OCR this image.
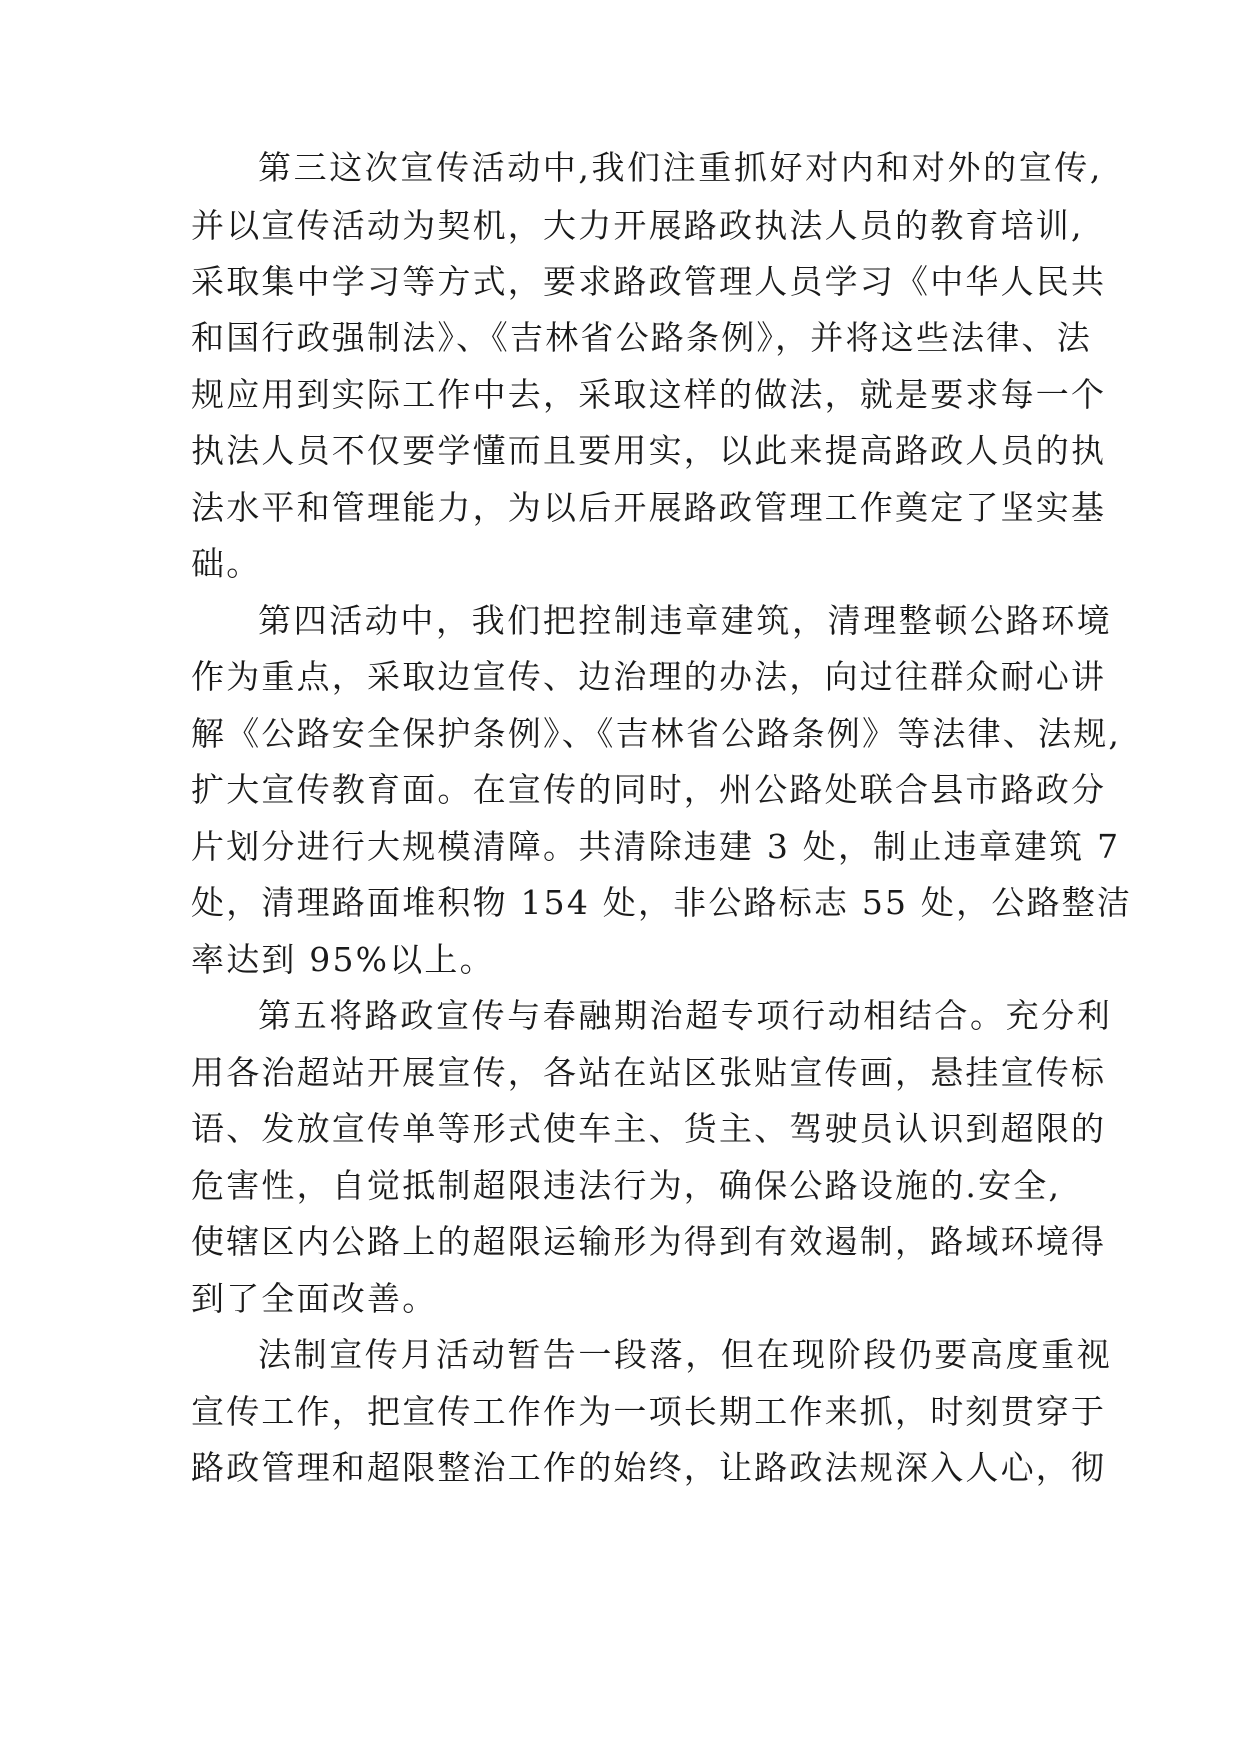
第三这次宣传活动中,我们注重抓好对内和对外的宣传,
并以宣传活动为契机，大力开展路政执法人员的教育培训,
采取集中学习等方式，要求路政管理人员学习《中华人民共
和国行政强制法》、《吉林省公路条例》，并将这些法律、法
规应用到实际工作中去，采取这样的做法，就是要求每一个
执法人员不仅要学懂而且要用实，以此来提高路政人员的执
法水平和管理能力，为以后开展路政管理工作奠定了坚实基
础。
第四活动中，我们把控制违章建筑，清理整顿公路环境
作为重点，采取边宣传、边治理的办法，向过往群众耐心讲
解《公路安全保护条例》、《吉林省公路条例》等法律、法规,
扩大宣传教育面。在宣传的同时，州公路处联合县市路政分
片划分进行大规模清障。共清除违建 3 处，制止违章建筑 7
处，清理路面堆积物 154 处，非公路标志 55 处，公路整洁
率达到 95%以上。
第五将路政宣传与春融期治超专项行动相结合。充分利
用各治超站开展宣传，各站在站区张贴宣传画，悬挂宣传标
语、发放宣传单等形式使车主、货主、驾驶员认识到超限的
危害性，自觉抵制超限违法行为，确保公路设施的.安全,
使辖区内公路上的超限运输形为得到有效遏制，路域环境得
到了全面改善。
法制宣传月活动暂告一段落，但在现阶段仍要高度重视
宣传工作，把宣传工作作为一项长期工作来抓，时刻贯穿于
路政管理和超限整治工作的始终，让路政法规深入人心，彻
